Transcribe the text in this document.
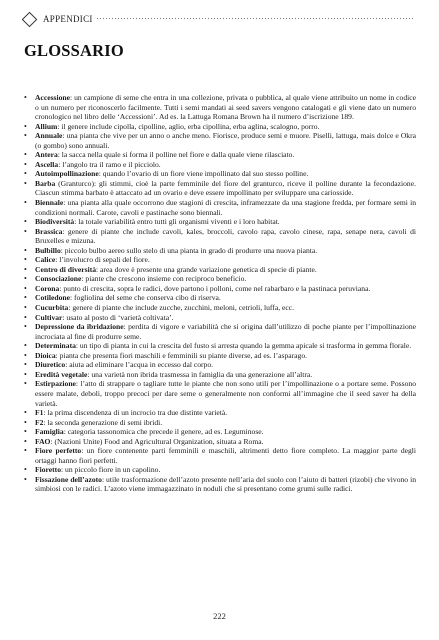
APPENDICI
GLOSSARIO
• Accessione: un campione di seme che entra in una collezione, privata o pubblica, al quale viene attribuito un nome in codice o un numero per riconoscerlo facilmente. Tutti i semi mandati ai seed savers vengono catalogati e gli viene dato un numero cronologico nel libro delle ‘Accessioni’. Ad es. la Lattuga Romana Brown ha il numero d’iscrizione 189.
• Allium: il genere include cipolla, cipolline, aglio, erba cipollina, erba aglina, scalogno, porro.
• Annuale: una pianta che vive per un anno o anche meno. Fiorisce, produce semi e muore. Piselli, lattuga, mais dolce e Okra (o gombo) sono annuali.
• Antera: la sacca nella quale si forma il polline nel fiore e dalla quale viene rilasciato.
• Ascella: l’angolo tra il ramo e il picciolo.
• Autoimpollinazione: quando l’ovario di un fiore viene impollinato dal suo stesso polline.
• Barba (Granturco): gli stimmi, cioè la parte femminile del fiore del granturco, riceve il polline durante la fecondazione. Ciascun stimma barbato è attaccato ad un ovario e deve essere impollinato per sviluppare una cariosside.
• Biennale: una pianta alla quale occorrono due stagioni di crescita, inframezzate da una stagione fredda, per formare semi in condizioni normali. Carote, cavoli e pastinache sono biennali.
• Biodiversità: la totale variabilità entro tutti gli organismi viventi e i loro habitat.
• Brassica: genere di piante che include cavoli, kales, broccoli, cavolo rapa, cavolo cinese, rapa, senape nera, cavoli di Bruxelles e mizuna.
• Bulbillo: piccolo bulbo aereo sullo stelo di una pianta in grado di produrre una nuova pianta.
• Calice: l’involucro di sepali del fiore.
• Centro di diversità: area dove è presente una grande variazione genetica di specie di piante.
• Consociazione: piante che crescono insieme con reciproco beneficio.
• Corona: punto di crescita, sopra le radici, dove partono i polloni, come nel rabarbaro e la pastinaca peruviana.
• Cotiledone: fogliolina del seme che conserva cibo di riserva.
• Cucurbita: genere di piante che include zucche, zucchini, meloni, cetrioli, luffa, ecc.
• Cultivar: usato al posto di ‘varietà coltivata’.
• Depressione da ibridazione: perdita di vigore e variabilità che si origina dall’utilizzo di poche piante per l’impollinazione incrociata al fine di produrre seme.
• Determinata: un tipo di pianta in cui la crescita del fusto si arresta quando la gemma apicale si trasforma in gemma florale.
• Dioica: pianta che presenta fiori maschili e femminili su piante diverse, ad es. l’asparago.
• Diuretico: aiuta ad eliminare l’acqua in eccesso dal corpo.
• Eredità vegetale: una varietà non ibrida trasmessa in famiglia da una generazione all’altra.
• Estirpazione: l’atto di strappare o tagliare tutte le piante che non sono utili per l’impollinazione o a portare seme. Possono essere malate, deboli, troppo precoci per dare seme o generalmente non conformi all’immagine che il seed saver ha della varietà.
• F1: la prima discendenza di un incrocio tra due distinte varietà.
• F2: la seconda generazione di semi ibridi.
• Famiglia: categoria tassonomica che precede il genere, ad es. Leguminose.
• FAO: (Nazioni Unite) Food and Agricultural Organization, situata a Roma.
• Fiore perfetto: un fiore contenente parti femminili e maschili, altrimenti detto fiore completo. La maggior parte degli ortaggi hanno fiori perfetti.
• Fioretto: un piccolo fiore in un capolino.
• Fissazione dell’azoto: utile trasformazione dell’azoto presente nell’aria del suolo con l’aiuto di batteri (rizobi) che vivono in simbiosi con le radici. L’azoto viene immagazzinato in noduli che si presentano come grumi sulle radici.
222
